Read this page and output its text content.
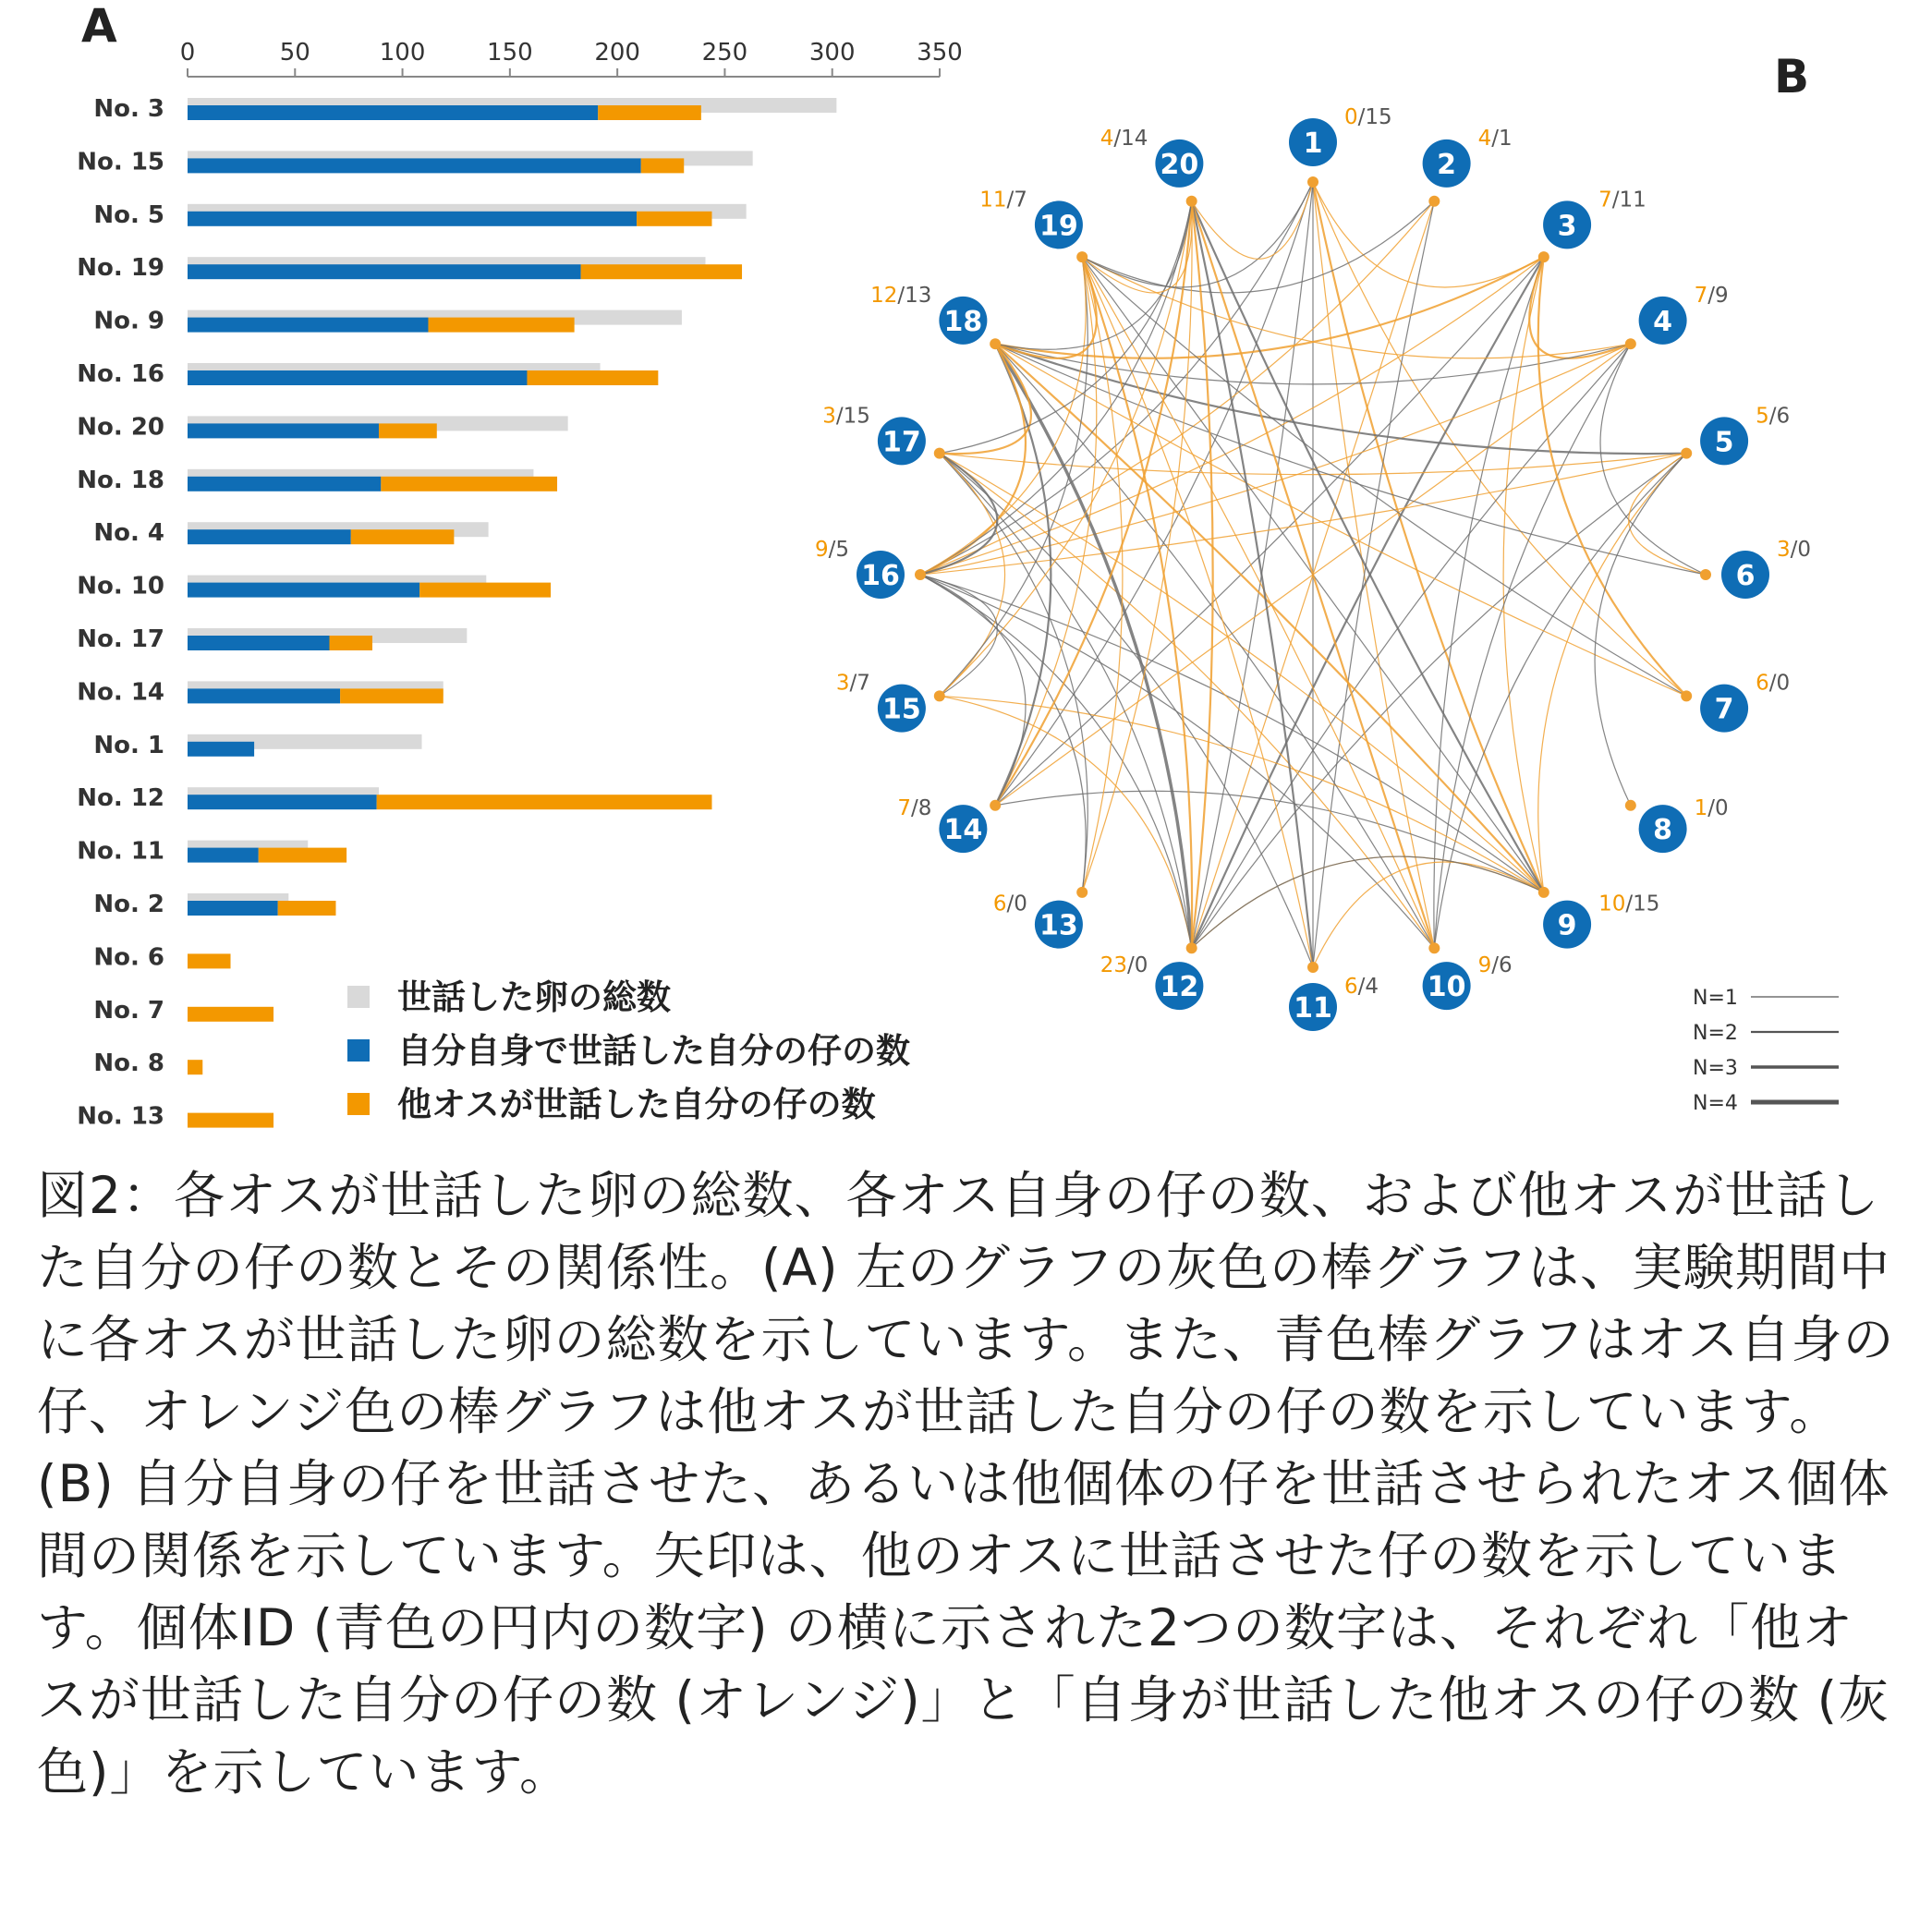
A
B
0	50	100	150	200	250	300	350
No. 3
No. 15
No. 5
No. 19
No. 9
No. 16
No. 20
No. 18
No. 4
No. 10
No. 17
No. 14
No. 1
No. 12
No. 11
No. 2
No. 6
No. 7
No. 8
No. 13
世話した卵の総数
自分自身で世話した自分の仔の数
他オスが世話した自分の仔の数
1
0/15
2
4/1
3
7/11
4
7/9
5
5/6
6
3/0
7
6/0
8
1/0
9
10/15
10
9/6
11
6/4
12
23/0
13
6/0
14
7/8
15
3/7
16
9/5
17
3/15
18
12/13
19
11/7
20
4/14
N=1
N=2
N=3
N=4

図2：各オスが世話した卵の総数、各オス自身の仔の数、および他オスが世話した自分の仔の数とその関係性。(A) 左のグラフの灰色の棒グラフは、実験期間中に各オスが世話した卵の総数を示しています。また、青色棒グラフはオス自身の仔、オレンジ色の棒グラフは他オスが世話した自分の仔の数を示しています。(B) 自分自身の仔を世話させた、あるいは他個体の仔を世話させられたオス個体間の関係を示しています。矢印は、他のオスに世話させた仔の数を示しています。個体ID (青色の円内の数字) の横に示された2つの数字は、それぞれ「他オスが世話した自分の仔の数 (オレンジ)」と「自身が世話した他オスの仔の数 (灰色)」を示しています。
